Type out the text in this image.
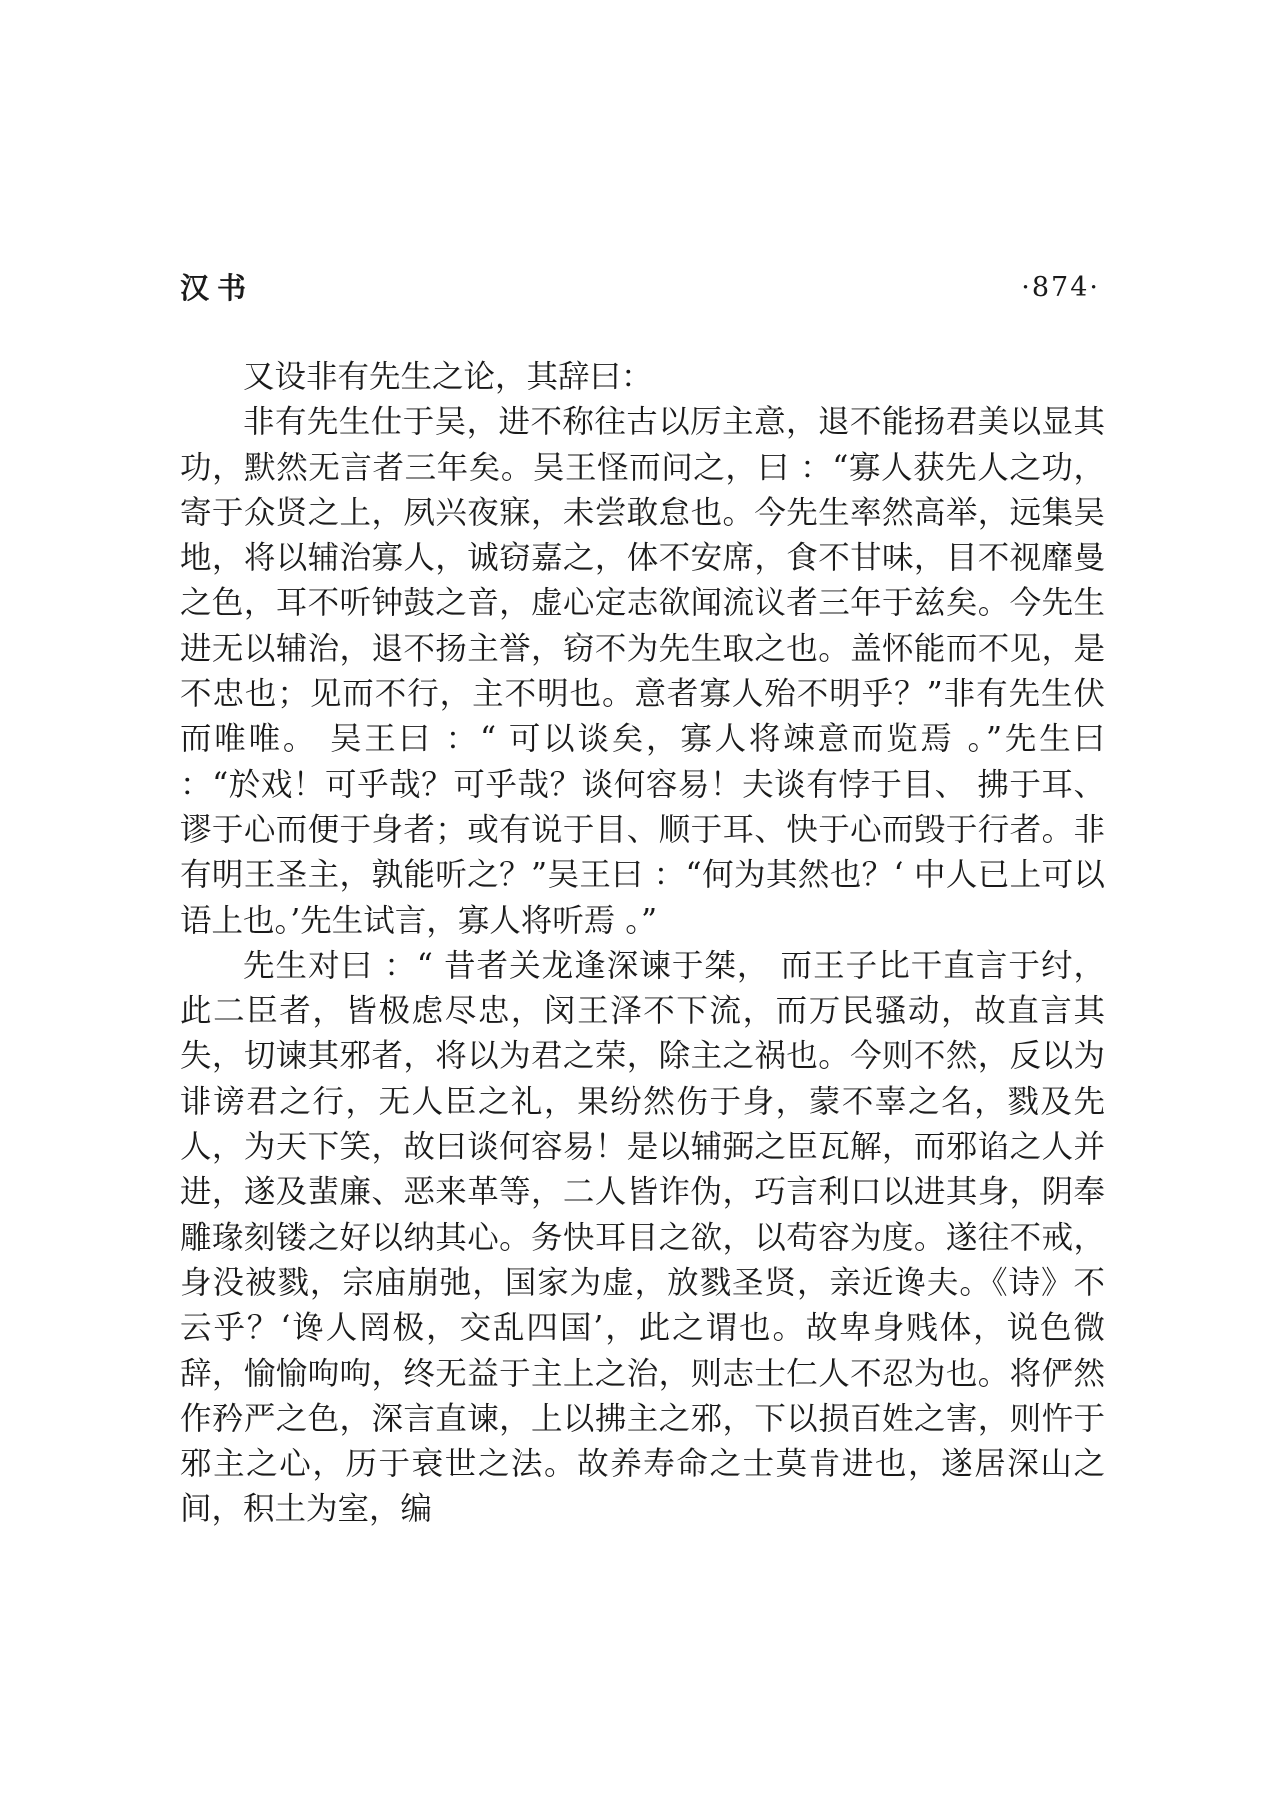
汉书	·874·

又设非有先生之论，其辞曰：

非有先生仕于吴，进不称往古以厉主意，退不能扬君美以显其功，默然无言者三年矣。吴王怪而问之，曰 ：“寡人获先人之功，寄于众贤之上，夙兴夜寐，未尝敢怠也。今先生率然高举，远集吴地，将以辅治寡人，诚窃嘉之，体不安席，食不甘味，目不视靡曼之色，耳不听钟鼓之音，虚心定志欲闻流议者三年于兹矣。今先生进无以辅治，退不扬主誉，窃不为先生取之也。盖怀能而不见，是不忠也；见而不行，主不明也。意者寡人殆不明乎？”非有先生伏而唯唯。 吴王曰 ：“ 可以谈矣，寡人将竦意而览焉 。”先生曰 ：“於戏！可乎哉？可乎哉？谈何容易！夫谈有悖于目、 拂于耳、 谬于心而便于身者；或有说于目、顺于耳、快于心而毁于行者。非有明王圣主，孰能听之？”吴王曰 ：“何为其然也？‘ 中人已上可以语上也。’先生试言，寡人将听焉 。”

先生对曰 ：“ 昔者关龙逢深谏于桀， 而王子比干直言于纣，此二臣者，皆极虑尽忠，闵王泽不下流，而万民骚动，故直言其失，切谏其邪者，将以为君之荣，除主之祸也。今则不然，反以为诽谤君之行，无人臣之礼，果纷然伤于身，蒙不辜之名，戮及先人，为天下笑，故曰谈何容易！是以辅弼之臣瓦解，而邪谄之人并进，遂及蜚廉、恶来革等，二人皆诈伪，巧言利口以进其身，阴奉雕瑑刻镂之好以纳其心。务快耳目之欲，以苟容为度。遂往不戒，身没被戮，宗庙崩弛，国家为虚，放戮圣贤，亲近谗夫。《诗》不云乎？‘谗人罔极，交乱四国’，此之谓也。故卑身贱体，说色微辞，愉愉呴呴，终无益于主上之治，则志士仁人不忍为也。将俨然作矜严之色，深言直谏，上以拂主之邪，下以损百姓之害，则忤于邪主之心，历于衰世之法。故养寿命之士莫肯进也，遂居深山之间，积土为室，编
